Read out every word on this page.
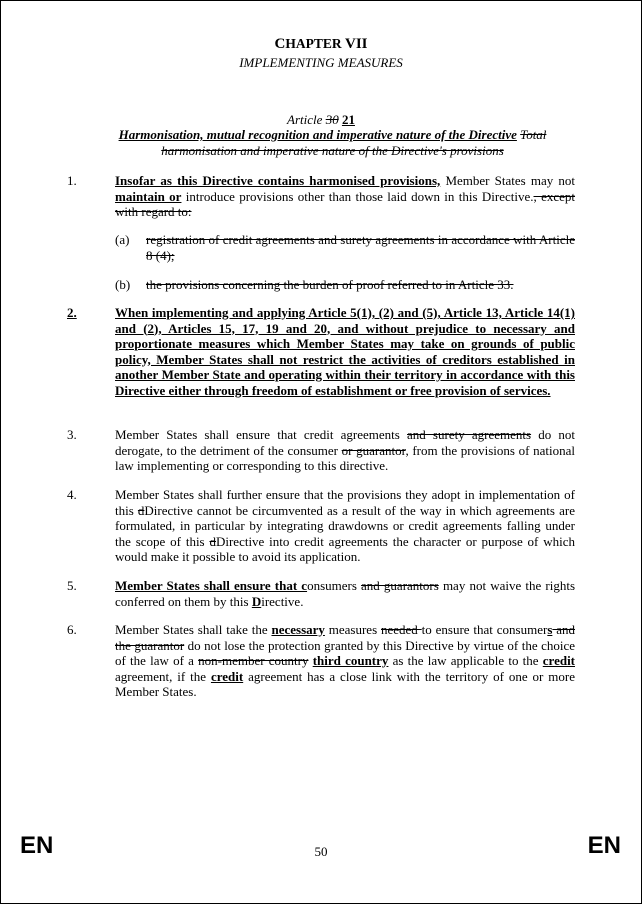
CHAPTER VII
IMPLEMENTING MEASURES
Article 30 21
Harmonisation, mutual recognition and imperative nature of the Directive Total harmonisation and imperative nature of the Directive's provisions
1.	Insofar as this Directive contains harmonised provisions, Member States may not maintain or introduce provisions other than those laid down in this Directive., except with regard to:
(a) registration of credit agreements and surety agreements in accordance with Article 8 (4);
(b) the provisions concerning the burden of proof referred to in Article 33.
2.	When implementing and applying Article 5(1), (2) and (5), Article 13, Article 14(1) and (2), Articles 15, 17, 19 and 20, and without prejudice to necessary and proportionate measures which Member States may take on grounds of public policy, Member States shall not restrict the activities of creditors established in another Member State and operating within their territory in accordance with this Directive either through freedom of establishment or free provision of services.
3.	Member States shall ensure that credit agreements and surety agreements do not derogate, to the detriment of the consumer or guarantor, from the provisions of national law implementing or corresponding to this directive.
4.	Member States shall further ensure that the provisions they adopt in implementation of this dDirective cannot be circumvented as a result of the way in which agreements are formulated, in particular by integrating drawdowns or credit agreements falling under the scope of this dDirective into credit agreements the character or purpose of which would make it possible to avoid its application.
5.	Member States shall ensure that consumers and guarantors may not waive the rights conferred on them by this Directive.
6.	Member States shall take the necessary measures needed to ensure that consumers and the guarantor do not lose the protection granted by this Directive by virtue of the choice of the law of a non-member country third country as the law applicable to the credit agreement, if the credit agreement has a close link with the territory of one or more Member States.
EN	50	EN
